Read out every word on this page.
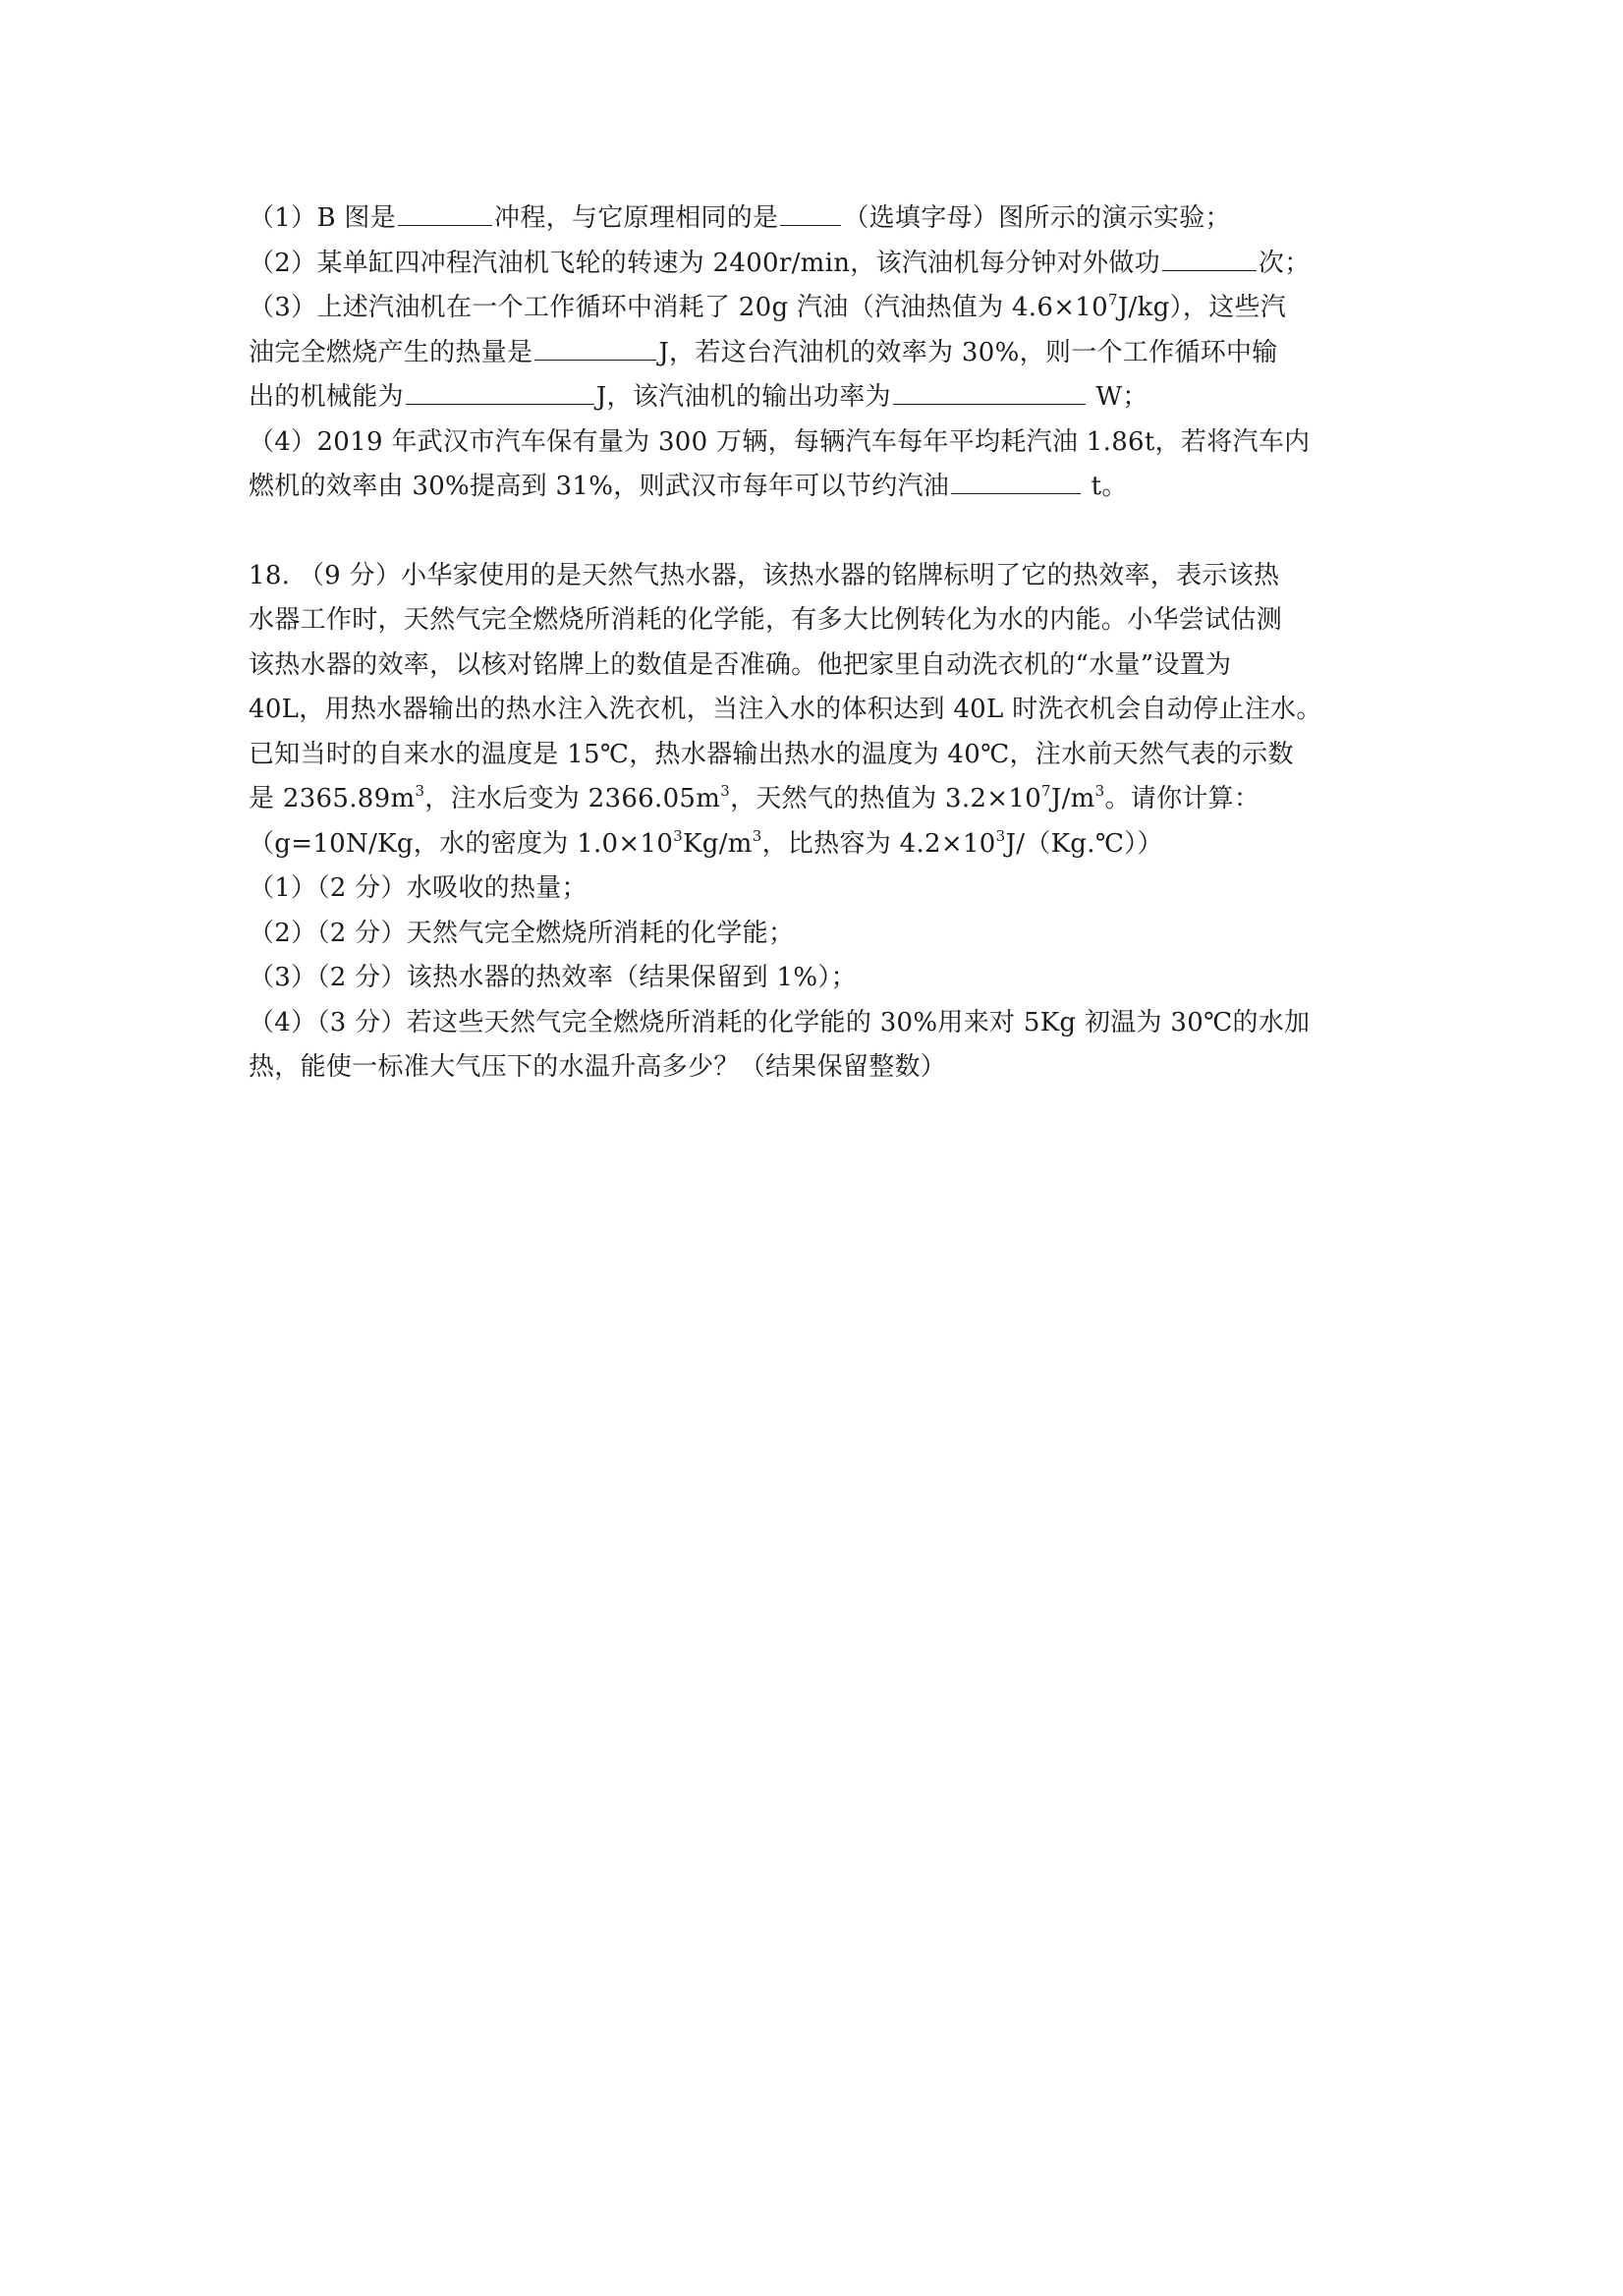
（1）B 图是	冲程，与它原理相同的是	（选填字母）图所示的演示实验；
（2）某单缸四冲程汽油机飞轮的转速为 2400r/min，该汽油机每分钟对外做功	次；
（3）上述汽油机在一个工作循环中消耗了 20g 汽油（汽油热值为 $4.6\times 10^7J/kg$），这些汽
油完全燃烧产生的热量是	J，若这台汽油机的效率为 30%，则一个工作循环中输
出的机械能为	J，该汽油机的输出功率为	W；
（4）2019 年武汉市汽车保有量为 300 万辆，每辆汽车每年平均耗汽油 1.86t，若将汽车内
燃机的效率由 30%提高到 31%，则武汉市每年可以节约汽油	t。
18. （9 分）小华家使用的是天然气热水器，该热水器的铭牌标明了它的热效率，表示该热
水器工作时，天然气完全燃烧所消耗的化学能，有多大比例转化为水的内能。小华尝试估测
该热水器的效率，以核对铭牌上的数值是否准确。他把家里自动洗衣机的“水量”设置为
40L，用热水器输出的热水注入洗衣机，当注入水的体积达到 40L 时洗衣机会自动停止注水。
已知当时的自来水的温度是 15℃，热水器输出热水的温度为 40℃，注水前天然气表的示数
是 $2365.89m^3$，注水后变为 $2366.05m^3$，天然气的热值为 $3.2\times 10^7J/m^3$。请你计算：
（g=10N/Kg，水的密度为 $1.0\times 10^3Kg/m^3$，比热容为 $4.2\times 10^3J/(Kg.℃)$）
（1）（2 分）水吸收的热量；
（2）（2 分）天然气完全燃烧所消耗的化学能；
（3）（2 分）该热水器的热效率（结果保留到 1%）；
（4）（3 分）若这些天然气完全燃烧所消耗的化学能的 30%用来对 5Kg 初温为 30℃的水加
热，能使一标准大气压下的水温升高多少？（结果保留整数）
